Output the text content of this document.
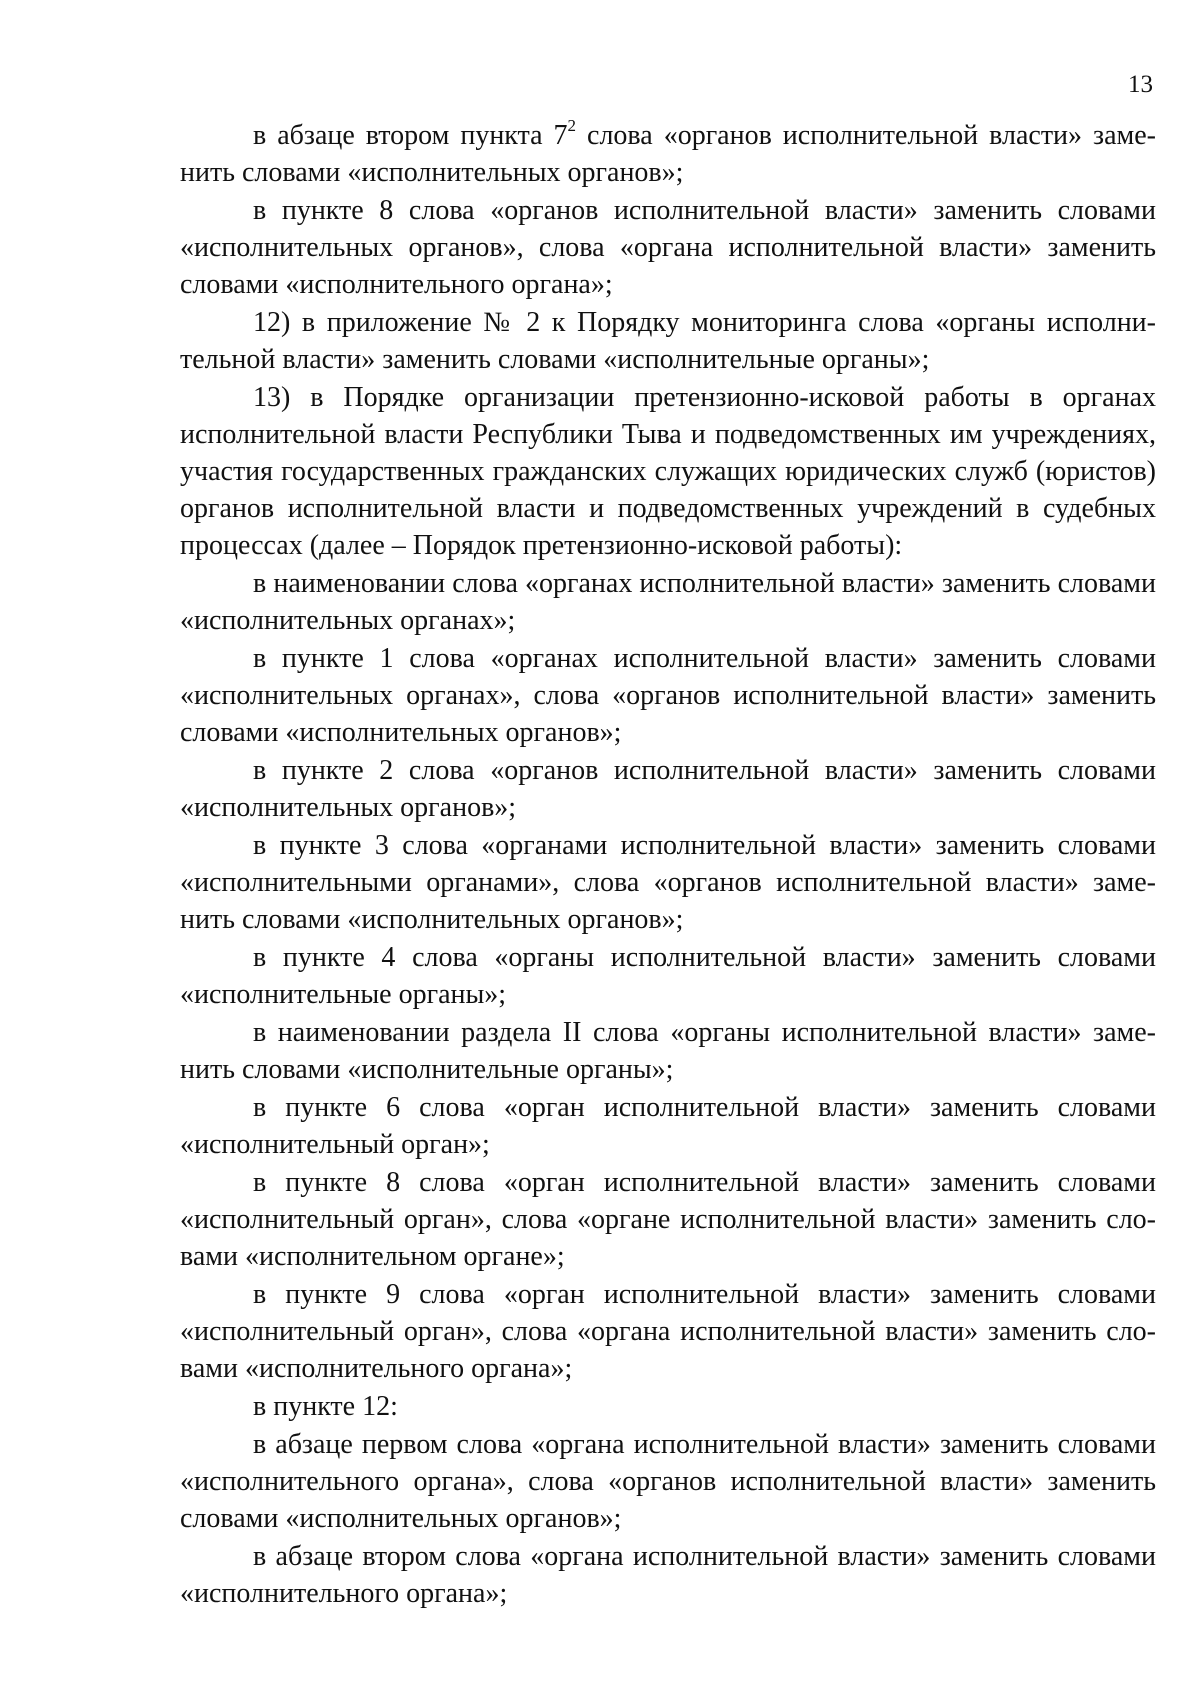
13

в абзаце втором пункта $7^2$ слова «органов исполнительной власти» заменить словами «исполнительных органов»;

в пункте 8 слова «органов исполнительной власти» заменить словами «исполнительных органов», слова «органа исполнительной власти» заменить словами «исполнительного органа»;

12) в приложение № 2 к Порядку мониторинга слова «органы исполнительной власти» заменить словами «исполнительные органы»;

13) в Порядке организации претензионно-исковой работы в органах исполнительной власти Республики Тыва и подведомственных им учреждениях, участия государственных гражданских служащих юридических служб (юристов) органов исполнительной власти и подведомственных учреждений в судебных процессах (далее – Порядок претензионно-исковой работы):

в наименовании слова «органах исполнительной власти» заменить словами «исполнительных органах»;

в пункте 1 слова «органах исполнительной власти» заменить словами «исполнительных органах», слова «органов исполнительной власти» заменить словами «исполнительных органов»;

в пункте 2 слова «органов исполнительной власти» заменить словами «исполнительных органов»;

в пункте 3 слова «органами исполнительной власти» заменить словами «исполнительными органами», слова «органов исполнительной власти» заменить словами «исполнительных органов»;

в пункте 4 слова «органы исполнительной власти» заменить словами «исполнительные органы»;

в наименовании раздела II слова «органы исполнительной власти» заменить словами «исполнительные органы»;

в пункте 6 слова «орган исполнительной власти» заменить словами «исполнительный орган»;

в пункте 8 слова «орган исполнительной власти» заменить словами «исполнительный орган», слова «органе исполнительной власти» заменить словами «исполнительном органе»;

в пункте 9 слова «орган исполнительной власти» заменить словами «исполнительный орган», слова «органа исполнительной власти» заменить словами «исполнительного органа»;

в пункте 12:

в абзаце первом слова «органа исполнительной власти» заменить словами «исполнительного органа», слова «органов исполнительной власти» заменить словами «исполнительных органов»;

в абзаце втором слова «органа исполнительной власти» заменить словами «исполнительного органа»;
